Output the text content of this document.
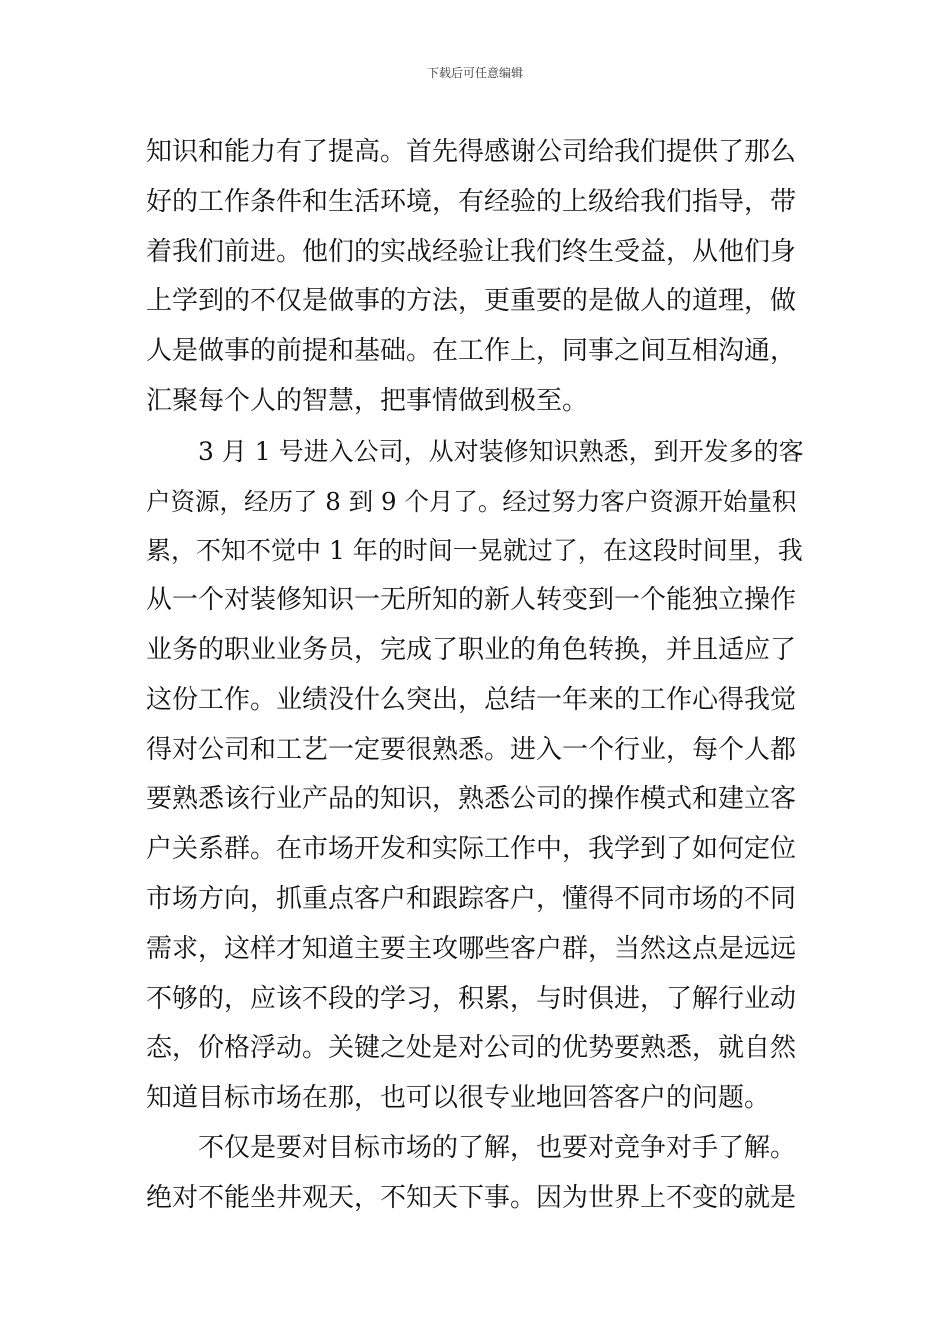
下载后可任意编辑
知识和能力有了提高。首先得感谢公司给我们提供了那么
好的工作条件和生活环境，有经验的上级给我们指导，带
着我们前进。他们的实战经验让我们终生受益，从他们身
上学到的不仅是做事的方法，更重要的是做人的道理，做
人是做事的前提和基础。在工作上，同事之间互相沟通，
汇聚每个人的智慧，把事情做到极至。
3 月 1 号进入公司，从对装修知识熟悉，到开发多的客
户资源，经历了 8 到 9 个月了。经过努力客户资源开始量积
累，不知不觉中 1 年的时间一晃就过了，在这段时间里，我
从一个对装修知识一无所知的新人转变到一个能独立操作
业务的职业业务员，完成了职业的角色转换，并且适应了
这份工作。业绩没什么突出，总结一年来的工作心得我觉
得对公司和工艺一定要很熟悉。进入一个行业，每个人都
要熟悉该行业产品的知识，熟悉公司的操作模式和建立客
户关系群。在市场开发和实际工作中，我学到了如何定位
市场方向，抓重点客户和跟踪客户，懂得不同市场的不同
需求，这样才知道主要主攻哪些客户群，当然这点是远远
不够的，应该不段的学习，积累，与时俱进，了解行业动
态，价格浮动。关键之处是对公司的优势要熟悉，就自然
知道目标市场在那，也可以很专业地回答客户的问题。
不仅是要对目标市场的了解，也要对竞争对手了解。
绝对不能坐井观天，不知天下事。因为世界上不变的就是
